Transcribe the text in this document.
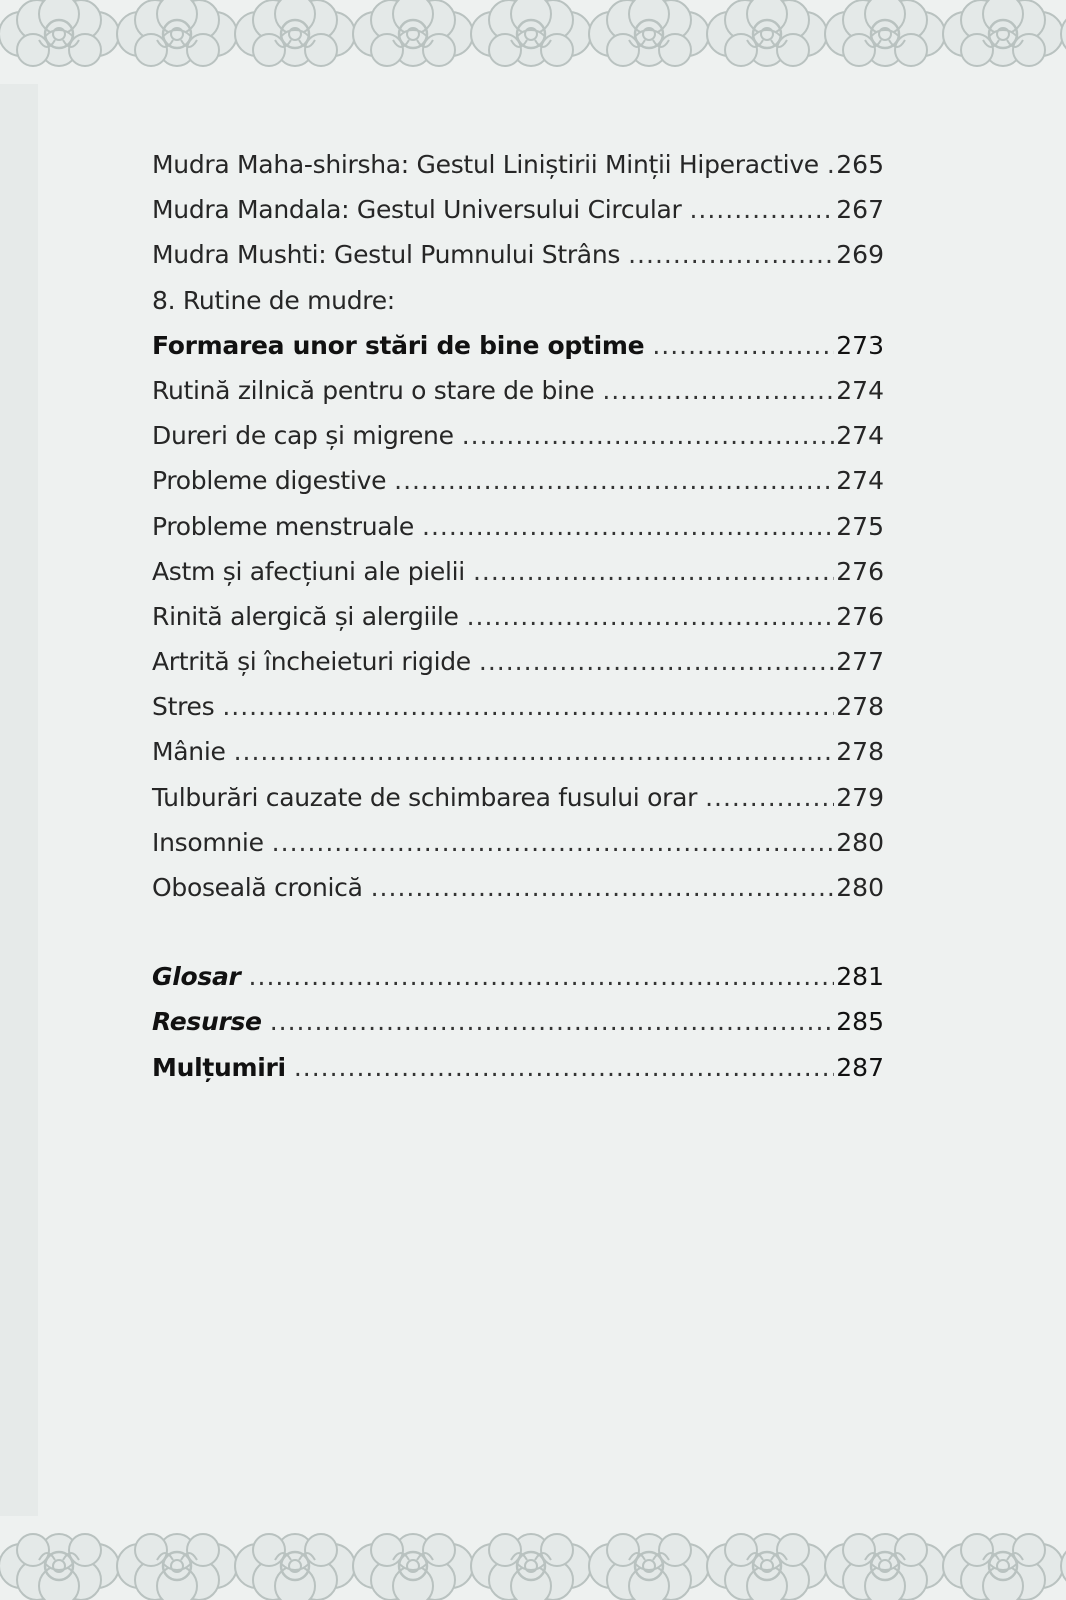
Mudra Maha-shirsha: Gestul Liniștirii Minții Hiperactive ..... 265
Mudra Mandala: Gestul Universului Circular .....	267
Mudra Mushti: Gestul Pumnului Strâns .....	269
8. Rutine de mudre:
Formarea unor stări de bine optime .....	273
Rutină zilnică pentru o stare de bine .....	274
Dureri de cap și migrene .....	274
Probleme digestive .....	274
Probleme menstruale .....	275
Astm și afecțiuni ale pielii .....	276
Rinită alergică și alergiile .....	276
Artrită și încheieturi rigide .....	277
Stres .....	278
Mânie .....	278
Tulburări cauzate de schimbarea fusului orar .....	279
Insomnie .....	280
Oboseală cronică .....	280
Glosar .....	281
Resurse .....	285
Mulțumiri .....	287
